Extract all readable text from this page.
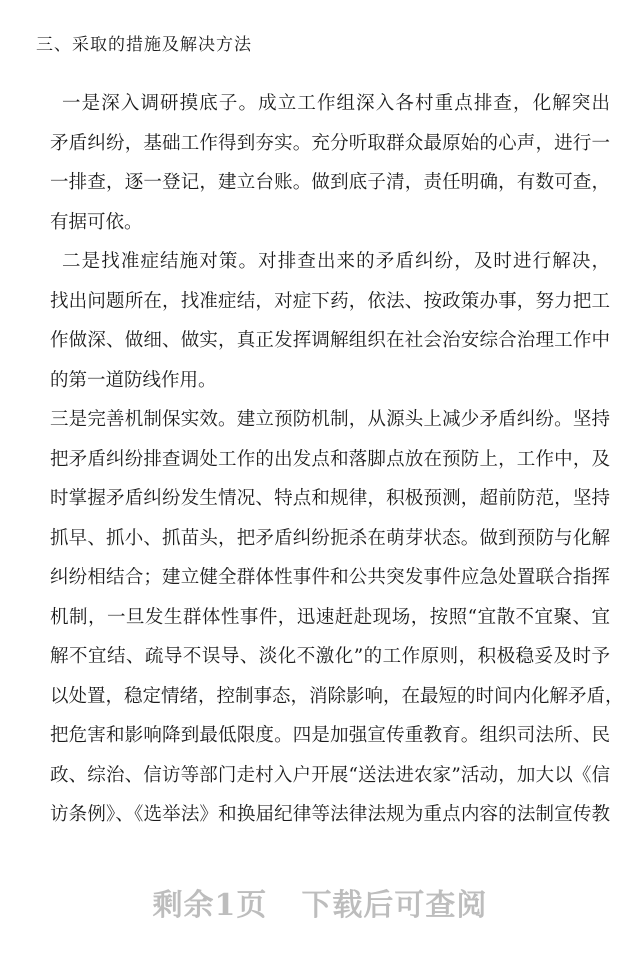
三、采取的措施及解决方法
一是深入调研摸底子。成立工作组深入各村重点排查，化解突出
矛盾纠纷，基础工作得到夯实。充分听取群众最原始的心声，进行一
一排查，逐一登记，建立台账。做到底子清，责任明确，有数可查，
有据可依。
二是找准症结施对策。对排查出来的矛盾纠纷，及时进行解决，
找出问题所在，找准症结，对症下药，依法、按政策办事，努力把工
作做深、做细、做实，真正发挥调解组织在社会治安综合治理工作中
的第一道防线作用。
三是完善机制保实效。建立预防机制，从源头上减少矛盾纠纷。坚持
把矛盾纠纷排查调处工作的出发点和落脚点放在预防上，工作中，及
时掌握矛盾纠纷发生情况、特点和规律，积极预测，超前防范，坚持
抓早、抓小、抓苗头，把矛盾纠纷扼杀在萌芽状态。做到预防与化解
纠纷相结合；建立健全群体性事件和公共突发事件应急处置联合指挥
机制，一旦发生群体性事件，迅速赶赴现场，按照“宜散不宜聚、宜
解不宜结、疏导不误导、淡化不激化”的工作原则，积极稳妥及时予
以处置，稳定情绪，控制事态，消除影响，在最短的时间内化解矛盾，
把危害和影响降到最低限度。四是加强宣传重教育。组织司法所、民
政、综治、信访等部门走村入户开展“送法进农家”活动，加大以《信
访条例》、《选举法》和换届纪律等法律法规为重点内容的法制宣传教
剩余1页 下载后可查阅
